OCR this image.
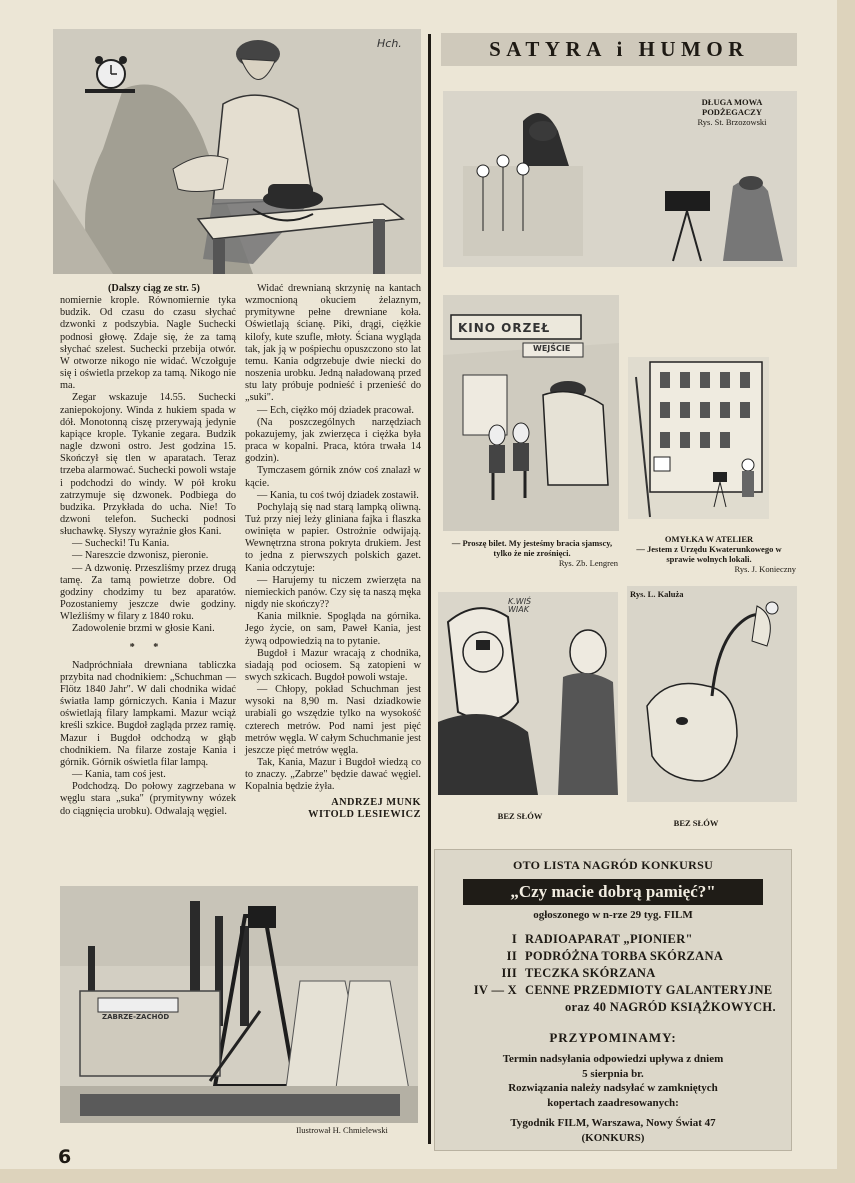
Hch.

(Dalszy ciąg ze str. 5)

nomiernie krople. Równomiernie tyka budzik. Od czasu do czasu słychać dzwonki z podszybia. Nagle Suchecki podnosi głowę. Zdaje się, że za tamą słychać szelest. Suchecki przebija otwór. W otworze nikogo nie widać. Wczołguje się i oświetla przekop za tamą. Nikogo nie ma.

Zegar wskazuje 14.55. Suchecki zaniepokojony. Winda z hukiem spada w dół. Monotonną ciszę przerywają jedynie kapiące krople. Tykanie zegara. Budzik nagle dzwoni ostro. Jest godzina 15. Skończył się tlen w aparatach. Teraz trzeba alarmować. Suchecki powoli wstaje i podchodzi do windy. W pół kroku zatrzymuje się dzwonek. Podbiega do budzika. Przykłada do ucha. Nie! To dzwoni telefon. Suchecki podnosi słuchawkę. Słyszy wyraźnie głos Kani.

— Suchecki! Tu Kania.

— Nareszcie dzwonisz, pieronie.

— A dzwonię. Przeszliśmy przez drugą tamę. Za tamą powietrze dobre. Od godziny chodzimy tu bez aparatów. Pozostaniemy jeszcze dwie godziny. Wleźliśmy w filary z 1840 roku.

Zadowolenie brzmi w głosie Kani.

* *

Nadpróchniała drewniana tabliczka przybita nad chodnikiem: „Schuchman — Flötz 1840 Jahr". W dali chodnika widać światła lamp górniczych. Kania i Mazur oświetlają filary lampkami. Mazur wciąż kreśli szkice. Bugdoł zagląda przez ramię. Mazur i Bugdoł odchodzą w głąb chodnikiem. Na filarze zostaje Kania i górnik. Górnik oświetla filar lampą.

— Kania, tam coś jest.

Podchodzą. Do połowy zagrzebana w węglu stara „suka" (prymitywny wózek do ciągnięcia urobku). Odwalają węgiel.

Widać drewnianą skrzynię na kantach wzmocnioną okuciem żelaznym, prymitywne pełne drewniane koła. Oświetlają ścianę. Piki, drągi, ciężkie kilofy, kute szufle, młoty. Ściana wygląda tak, jak ją w pośpiechu opuszczono sto lat temu. Kania odgrzebuje dwie niecki do noszenia urobku. Jedną naładowaną przed stu laty próbuje podnieść i przenieść do „suki".

— Ech, ciężko mój dziadek pracował.

(Na poszczególnych narzędziach pokazujemy, jak zwierzęca i ciężka była praca w kopalni. Praca, która trwała 14 godzin).

Tymczasem górnik znów coś znalazł w kącie.

— Kania, tu coś twój dziadek zostawił.

Pochylają się nad starą lampką oliwną. Tuż przy niej leży gliniana fajka i flaszka owinięta w papier. Ostrożnie odwijają. Wewnętrzna strona pokryta drukiem. Jest to jedna z pierwszych polskich gazet. Kania odczytuje:

— Harujemy tu niczem zwierzęta na niemieckich panów. Czy się ta naszą męka nigdy nie skończy??

Kania milknie. Spogląda na górnika. Jego życie, on sam, Paweł Kania, jest żywą odpowiedzią na to pytanie.

Bugdoł i Mazur wracają z chodnika, siadają pod ociosem. Są zatopieni w swych szkicach. Bugdoł powoli wstaje.

— Chłopy, pokład Schuchman jest wysoki na 8,90 m. Nasi dziadkowie urabiali go wszędzie tylko na wysokość czterech metrów. Pod nami jest pięć metrów węgla. W całym Schuchmanie jest jeszcze pięć metrów węgla.

Tak, Kania, Mazur i Bugdoł wiedzą co to znaczy. „Zabrze" będzie dawać węgiel. Kopalnia będzie żyła.

ANDRZEJ MUNK

WITOLD LESIEWICZ

ZABRZE-ZACHÓD
Ilustrował H. Chmielewski
SATYRA i HUMOR
DŁUGA MOWA
PODŻEGACZY
Rys. St. Brzozowski
KINO ORZEŁ
WEJŚCIE
— Proszę bilet. My jesteśmy bracia sjamscy, tylko że nie zrośnięci.
Rys. Zb. Lengren
OMYŁKA W ATELIER
— Jestem z Urzędu Kwaterunkowego w sprawie wolnych lokali.
Rys. J. Konieczny
K.WIŚ WIAK
BEZ SŁÓW
Rys. L. Kaluża
BEZ SŁÓW
OTO LISTA NAGRÓD KONKURSU
„Czy macie dobrą pamięć?"
ogłoszonego w n-rze 29 tyg. FILM
I RADIOAPARAT „PIONIER"
II PODRÓŻNA TORBA SKÓRZANA
III TECZKA SKÓRZANA
IV — X CENNE PRZEDMIOTY GALANTERYJNE
oraz 40 NAGRÓD KSIĄŻKOWYCH.
PRZYPOMINAMY:
Termin nadsyłania odpowiedzi upływa z dniem
5 sierpnia br.
Rozwiązania należy nadsyłać w zamkniętych
kopertach zaadresowanych:
Tygodnik FILM, Warszawa, Nowy Świat 47
(KONKURS)
6
